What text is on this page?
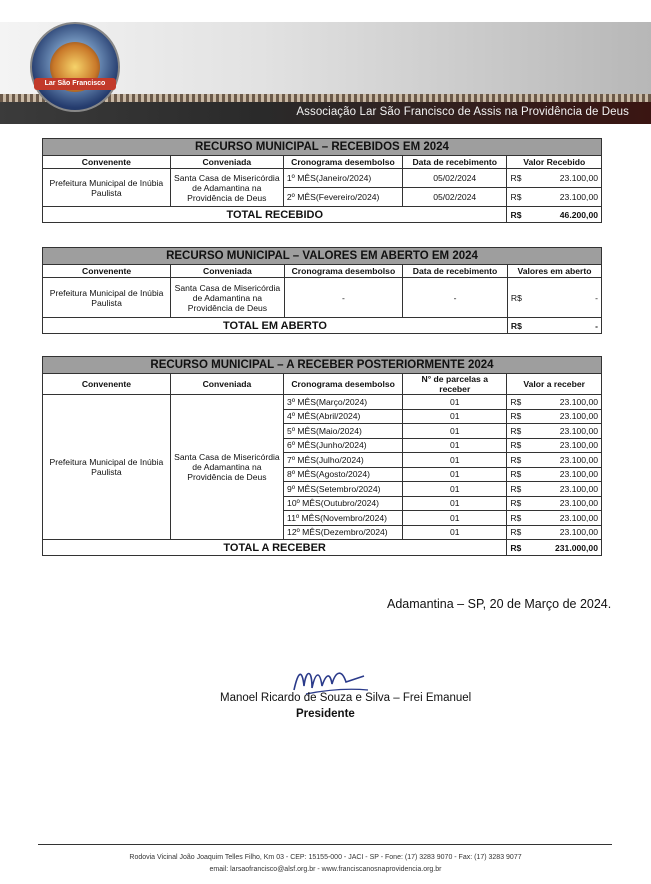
Associação Lar São Francisco de Assis na Providência de Deus
Lar São Francisco
RECURSO MUNICIPAL – RECEBIDOS EM 2024					
Convenente	Conveniada	Cronograma desembolso	Data de recebimento	Valor Recebido	
Prefeitura Municipal de Inúbia Paulista	Santa Casa de Misericórdia de Adamantina na Providência de Deus	1º MÊS(Janeiro/2024)	05/02/2024	R$	23.100,00
		2º MÊS(Fevereiro/2024)	05/02/2024	R$	23.100,00
TOTAL RECEBIDO				R$	46.200,00
RECURSO MUNICIPAL – VALORES EM ABERTO EM 2024					
Convenente	Conveniada	Cronograma desembolso	Data de recebimento	Valores em aberto	
Prefeitura Municipal de Inúbia Paulista	Santa Casa de Misericórdia de Adamantina na Providência de Deus	-	-	R$	-
TOTAL EM ABERTO				R$	-
RECURSO MUNICIPAL – A RECEBER POSTERIORMENTE 2024					
Convenente	Conveniada	Cronograma desembolso	N° de parcelas a receber	Valor a receber	
Prefeitura Municipal de Inúbia Paulista	Santa Casa de Misericórdia de Adamantina na Providência de Deus	3º MÊS(Março/2024)	01	R$	23.100,00
		4º MÊS(Abril/2024)	01	R$	23.100,00
		5º MÊS(Maio/2024)	01	R$	23.100,00
		6º MÊS(Junho/2024)	01	R$	23.100,00
		7º MÊS(Julho/2024)	01	R$	23.100,00
		8º MÊS(Agosto/2024)	01	R$	23.100,00
		9º MÊS(Setembro/2024)	01	R$	23.100,00
		10º MÊS(Outubro/2024)	01	R$	23.100,00
		11º MÊS(Novembro/2024)	01	R$	23.100,00
		12º MÊS(Dezembro/2024)	01	R$	23.100,00
TOTAL A RECEBER				R$	231.000,00
Adamantina – SP, 20 de Março de 2024.
Manoel Ricardo de Souza e Silva – Frei Emanuel
Presidente
Rodovia Vicinal João Joaquim Telles Filho, Km 03 - CEP: 15155-000 - JACI - SP - Fone: (17) 3283 9070 - Fax: (17) 3283 9077
email: larsaofrancisco@alsf.org.br - www.franciscanosnaprovidencia.org.br
